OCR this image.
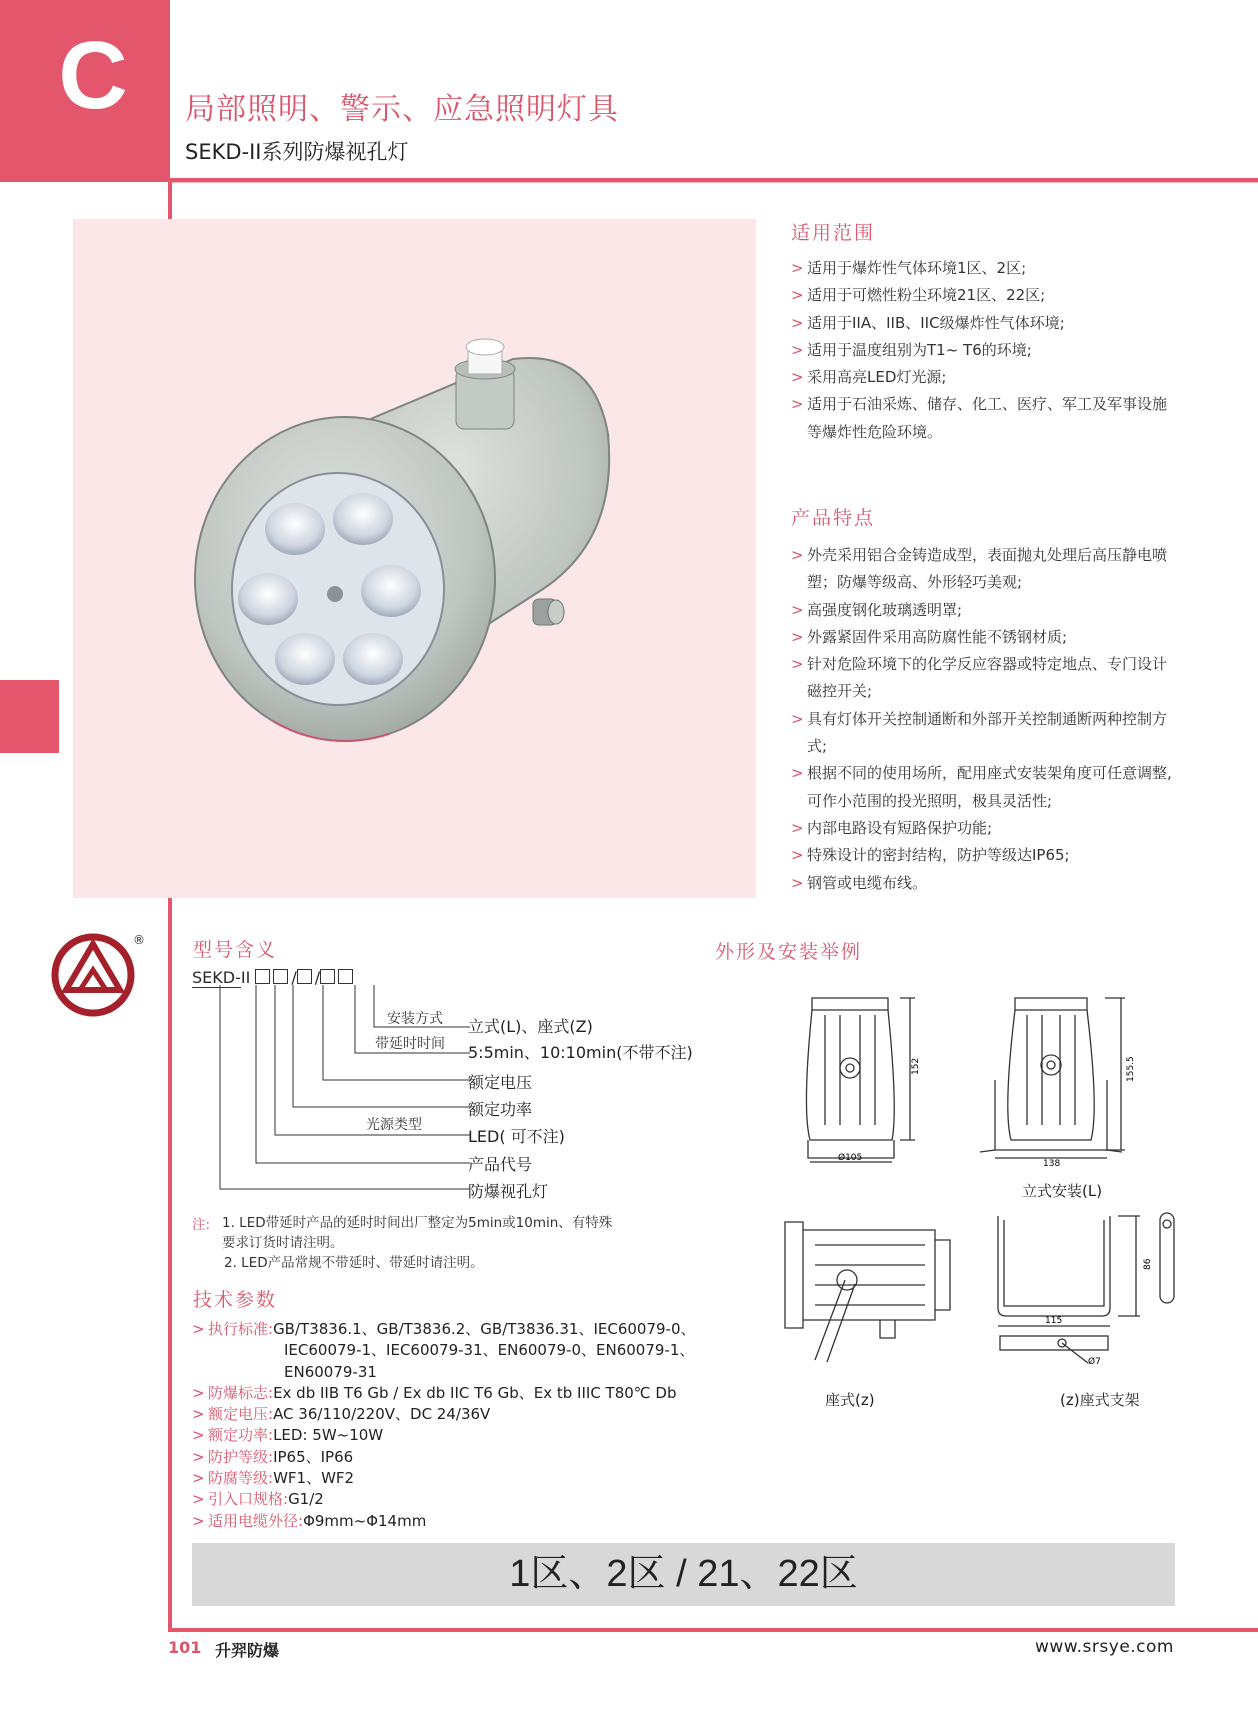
C	局部照明、警示、应急照明灯具
SEKD-II系列防爆视孔灯
适用范围
> 适用于爆炸性气体环境1区、2区;
> 适用于可燃性粉尘环境21区、22区;
> 适用于IIA、IIB、IIC级爆炸性气体环境;
> 适用于温度组别为T1~ T6的环境;
> 采用高亮LED灯光源;
> 适用于石油采炼、储存、化工、医疗、军工及军事设施等爆炸性危险环境。
产品特点
> 外壳采用铝合金铸造成型，表面抛丸处理后高压静电喷塑；防爆等级高、外形轻巧美观;
> 高强度钢化玻璃透明罩;
> 外露紧固件采用高防腐性能不锈钢材质;
> 针对危险环境下的化学反应容器或特定地点、专门设计磁控开关;
> 具有灯体开关控制通断和外部开关控制通断两种控制方式;
> 根据不同的使用场所，配用座式安装架角度可任意调整,可作小范围的投光照明，极具灵活性;
> 内部电路设有短路保护功能;
> 特殊设计的密封结构，防护等级达IP65;
> 钢管或电缆布线。
®	型号含义
SEKD-II	/ /
安装方式
带延时时间
光源类型
立式(L)、座式(Z)
5:5min、10:10min(不带不注)
额定电压
额定功率
LED( 可不注)
产品代号
防爆视孔灯
注: 1. LED带延时产品的延时时间出厂整定为5min或10min、有特殊
要求订货时请注明。
2. LED产品常规不带延时、带延时请注明。
技术参数
> 执行标准:GB/T3836.1、GB/T3836.2、GB/T3836.31、IEC60079-0、
IEC60079-1、IEC60079-31、EN60079-0、EN60079-1、
EN60079-31
> 防爆标志:Ex db IIB T6 Gb / Ex db IIC T6 Gb、Ex tb IIIC T80℃ Db
> 额定电压:AC 36/110/220V、DC 24/36V
> 额定功率:LED: 5W~10W
> 防护等级:IP65、IP66
> 防腐等级:WF1、WF2
> 引入口规格:G1/2
> 适用电缆外径:Φ9mm~Φ14mm
外形及安装举例
152
Ø105
155.5
138
立式安装(L)
座式(z)
86
115
Ø7
(z)座式支架
1区、2区 / 21、22区
101 升羿防爆	www.srsye.com
